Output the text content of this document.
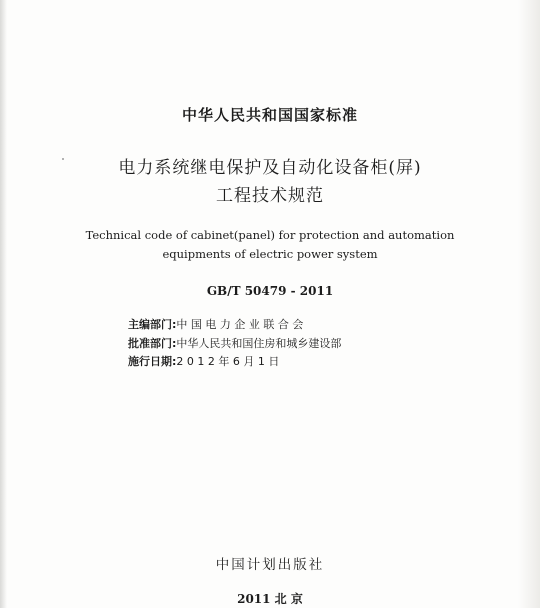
中华人民共和国国家标准
电力系统继电保护及自动化设备柜(屏)
工程技术规范
Technical code of cabinet(panel) for protection and automation
equipments of electric power system
GB/T 50479 - 2011
主编部门:中 国 电 力 企 业 联 合 会
批准部门:中华人民共和国住房和城乡建设部
施行日期:2 0 1 2 年 6 月 1 日
中国计划出版社
2011 北 京
